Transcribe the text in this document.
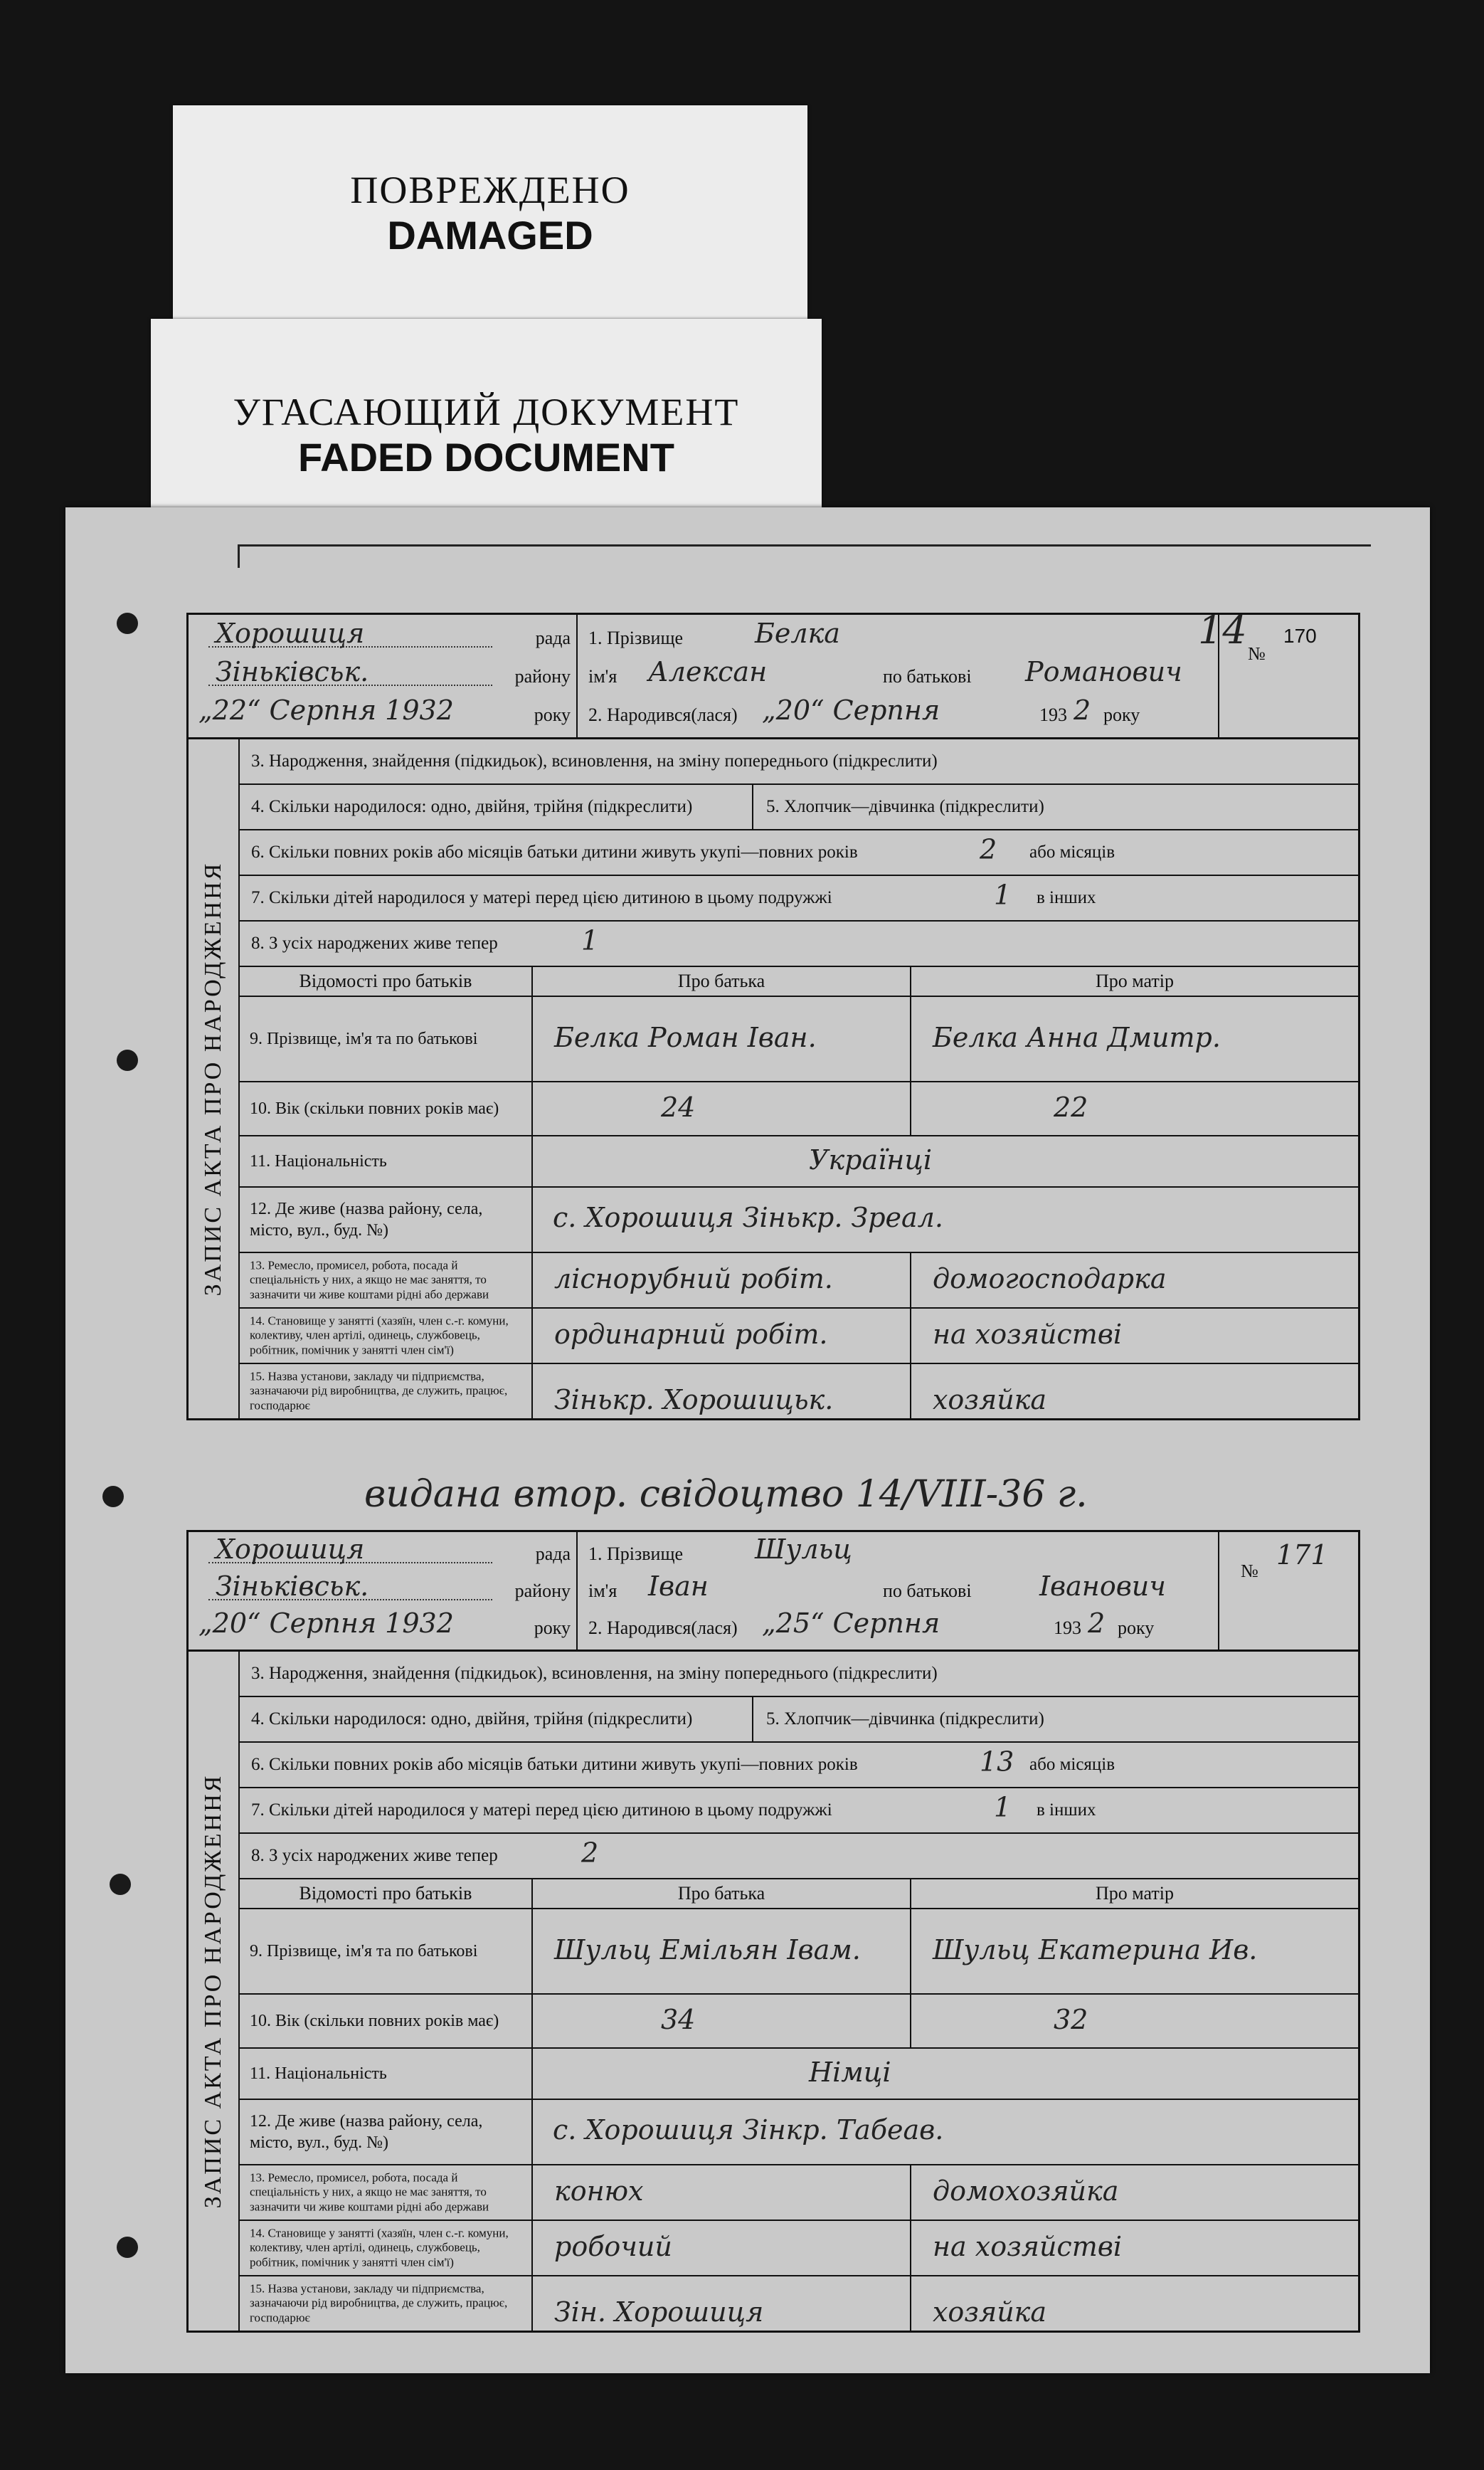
ПОВРЕЖДЕНО
DAMAGED
УГАСАЮЩИЙ ДОКУМЕНТ
FADED DOCUMENT
Хорошиця	рада
Зіньківськ.	району
„22“ Серпня 1932	року
1. Прізвище	Белка
ім'я Алексан	по батькові Романович
2. Народився(лася) „20“ Серпня	193 2 року
14
№
170
ЗАПИС АКТА ПРО НАРОДЖЕННЯ
3. Народження, знайдення (підкидьок), всиновлення, на зміну попереднього (підкреслити)
4. Скільки народилося: одно, двійня, трійня (підкреслити)	5. Хлопчик—дівчинка (підкреслити)
6. Скільки повних років або місяців батьки дитини живуть укупі—повних років	2 або місяців
7. Скільки дітей народилося у матері перед цією дитиною в цьому подружжі	1 в інших
8. З усіх народжених живе тепер	1
Відомості про батьків	Про батька	Про матір
9. Прізвище, ім'я та по батькові	Белка Роман Іван.	Белка Анна Дмитр.
10. Вік (скільки повних років має)	24	22
11. Національність	Українці
12. Де живе (назва району, села, місто, вул., буд. №)	с. Хорошиця Зінькр. Зреал.
13. Ремесло, промисел, робота, посада й спеціальність у них, а якщо не має заняття, то зазначити чи живе коштами рідні або держави	ліснорубний робіт.	домогосподарка
14. Становище у занятті (хазяїн, член с.-г. комуни, колективу, член артілі, одинець, службовець, робітник, помічник у занятті член сім'ї)	ординарний робіт.	на хозяйстві
15. Назва установи, закладу чи підприємства, зазначаючи рід виробництва, де служить, працює, господарює	Зінькр. Хорошицьк.	хозяйка
видана втор. свідоцтво 14/VIII-36 г.
Хорошиця	рада
Зіньківськ.	району
„20“ Серпня 1932	року
1. Прізвище	Шульц
ім'я Іван	по батькові	Іванович
2. Народився(лася) „25“ Серпня	193 2 року
№
171
ЗАПИС АКТА ПРО НАРОДЖЕННЯ
3. Народження, знайдення (підкидьок), всиновлення, на зміну попереднього (підкреслити)
4. Скільки народилося: одно, двійня, трійня (підкреслити)	5. Хлопчик—дівчинка (підкреслити)
6. Скільки повних років або місяців батьки дитини живуть укупі—повних років	13 або місяців
7. Скільки дітей народилося у матері перед цією дитиною в цьому подружжі	1 в інших
8. З усіх народжених живе тепер	2
Відомості про батьків	Про батька	Про матір
9. Прізвище, ім'я та по батькові	Шульц Емільян Івам.	Шульц Екатерина Ив.
10. Вік (скільки повних років має)	34	32
11. Національність	Німці
12. Де живе (назва району, села, місто, вул., буд. №)	с. Хорошиця Зінкр. Табеав.
13. Ремесло, промисел, робота, посада й спеціальність у них, а якщо не має заняття, то зазначити чи живе коштами рідні або держави	конюх	домохозяйка
14. Становище у занятті (хазяїн, член с.-г. комуни, колективу, член артілі, одинець, службовець, робітник, помічник у занятті член сім'ї)	робочий	на хозяйстві
15. Назва установи, закладу чи підприємства, зазначаючи рід виробництва, де служить, працює, господарює	Зін. Хорошиця	хозяйка
